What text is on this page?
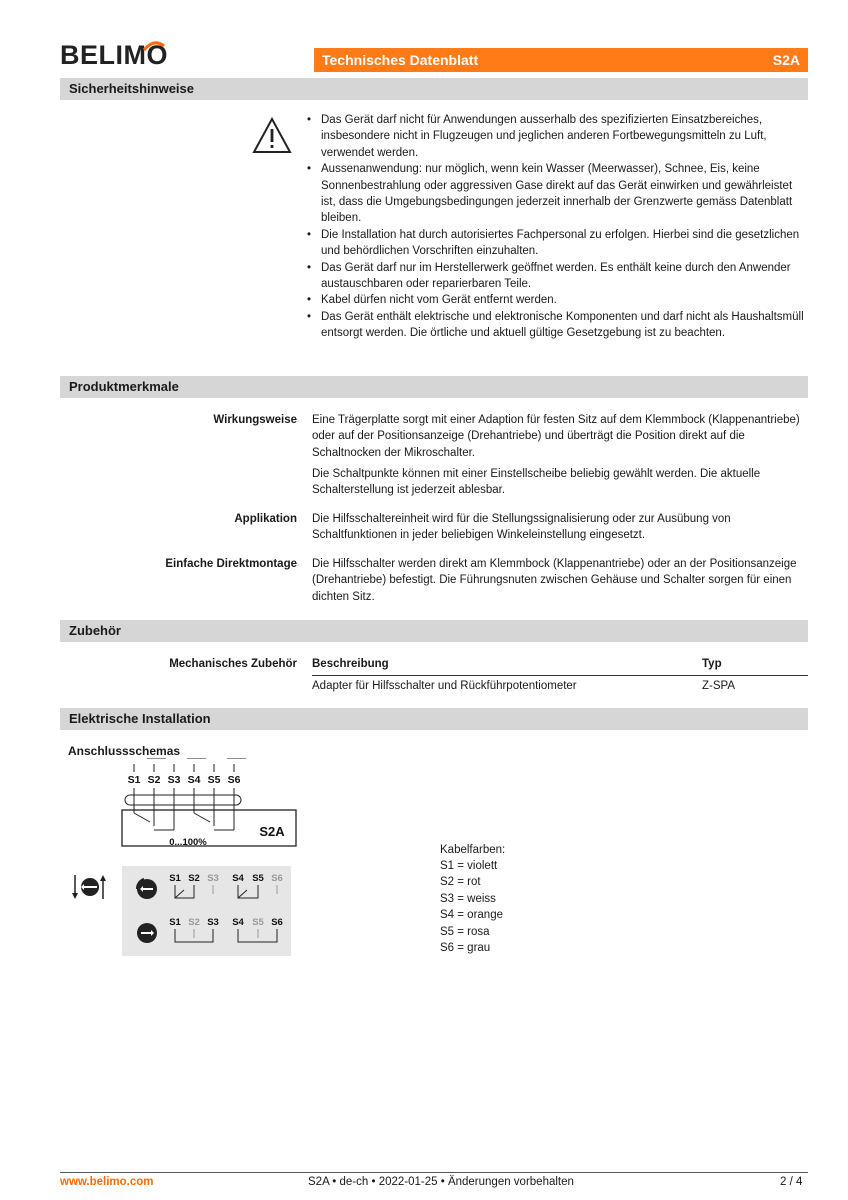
BELIMO	Technisches Datenblatt	S2A
Sicherheitshinweise
• Das Gerät darf nicht für Anwendungen ausserhalb des spezifizierten Einsatzbereiches, insbesondere nicht in Flugzeugen und jeglichen anderen Fortbewegungsmitteln zu Luft, verwendet werden.
• Aussenanwendung: nur möglich, wenn kein Wasser (Meerwasser), Schnee, Eis, keine Sonnenbestrahlung oder aggressiven Gase direkt auf das Gerät einwirken und gewährleistet ist, dass die Umgebungsbedingungen jederzeit innerhalb der Grenzwerte gemäss Datenblatt bleiben.
• Die Installation hat durch autorisiertes Fachpersonal zu erfolgen. Hierbei sind die gesetzlichen und behördlichen Vorschriften einzuhalten.
• Das Gerät darf nur im Herstellerwerk geöffnet werden. Es enthält keine durch den Anwender austauschbaren oder reparierbaren Teile.
• Kabel dürfen nicht vom Gerät entfernt werden.
• Das Gerät enthält elektrische und elektronische Komponenten und darf nicht als Haushaltsmüll entsorgt werden. Die örtliche und aktuell gültige Gesetzgebung ist zu beachten.
Produktmerkmale
Wirkungsweise Eine Trägerplatte sorgt mit einer Adaption für festen Sitz auf dem Klemmbock (Klappenantriebe) oder auf der Positionsanzeige (Drehantriebe) und überträgt die Position direkt auf die Schaltnocken der Mikroschalter.
Die Schaltpunkte können mit einer Einstellscheibe beliebig gewählt werden. Die aktuelle Schalterstellung ist jederzeit ablesbar.
Applikation Die Hilfsschaltereinheit wird für die Stellungssignalisierung oder zur Ausübung von Schaltfunktionen in jeder beliebigen Winkeleinstellung eingesetzt.
Einfache Direktmontage Die Hilfsschalter werden direkt am Klemmbock (Klappenantriebe) oder an der Positionsanzeige (Drehantriebe) befestigt. Die Führungsnuten zwischen Gehäuse und Schalter sorgen für einen dichten Sitz.
Zubehör
Mechanisches Zubehör Beschreibung	Typ
Adapter für Hilfsschalter und Rückführpotentiometer	Z-SPA
Elektrische Installation
Anschlussschemas
S1 S2 S3 S4 S5 S6
S2A
0...100%
S1 S2 S3 S4 S5 S6
S1 S2 S3 S4 S5 S6
Kabelfarben:
S1 = violett
S2 = rot
S3 = weiss
S4 = orange
S5 = rosa
S6 = grau
www.belimo.com	S2A • de-ch • 2022-01-25 • Änderungen vorbehalten	2 / 4
